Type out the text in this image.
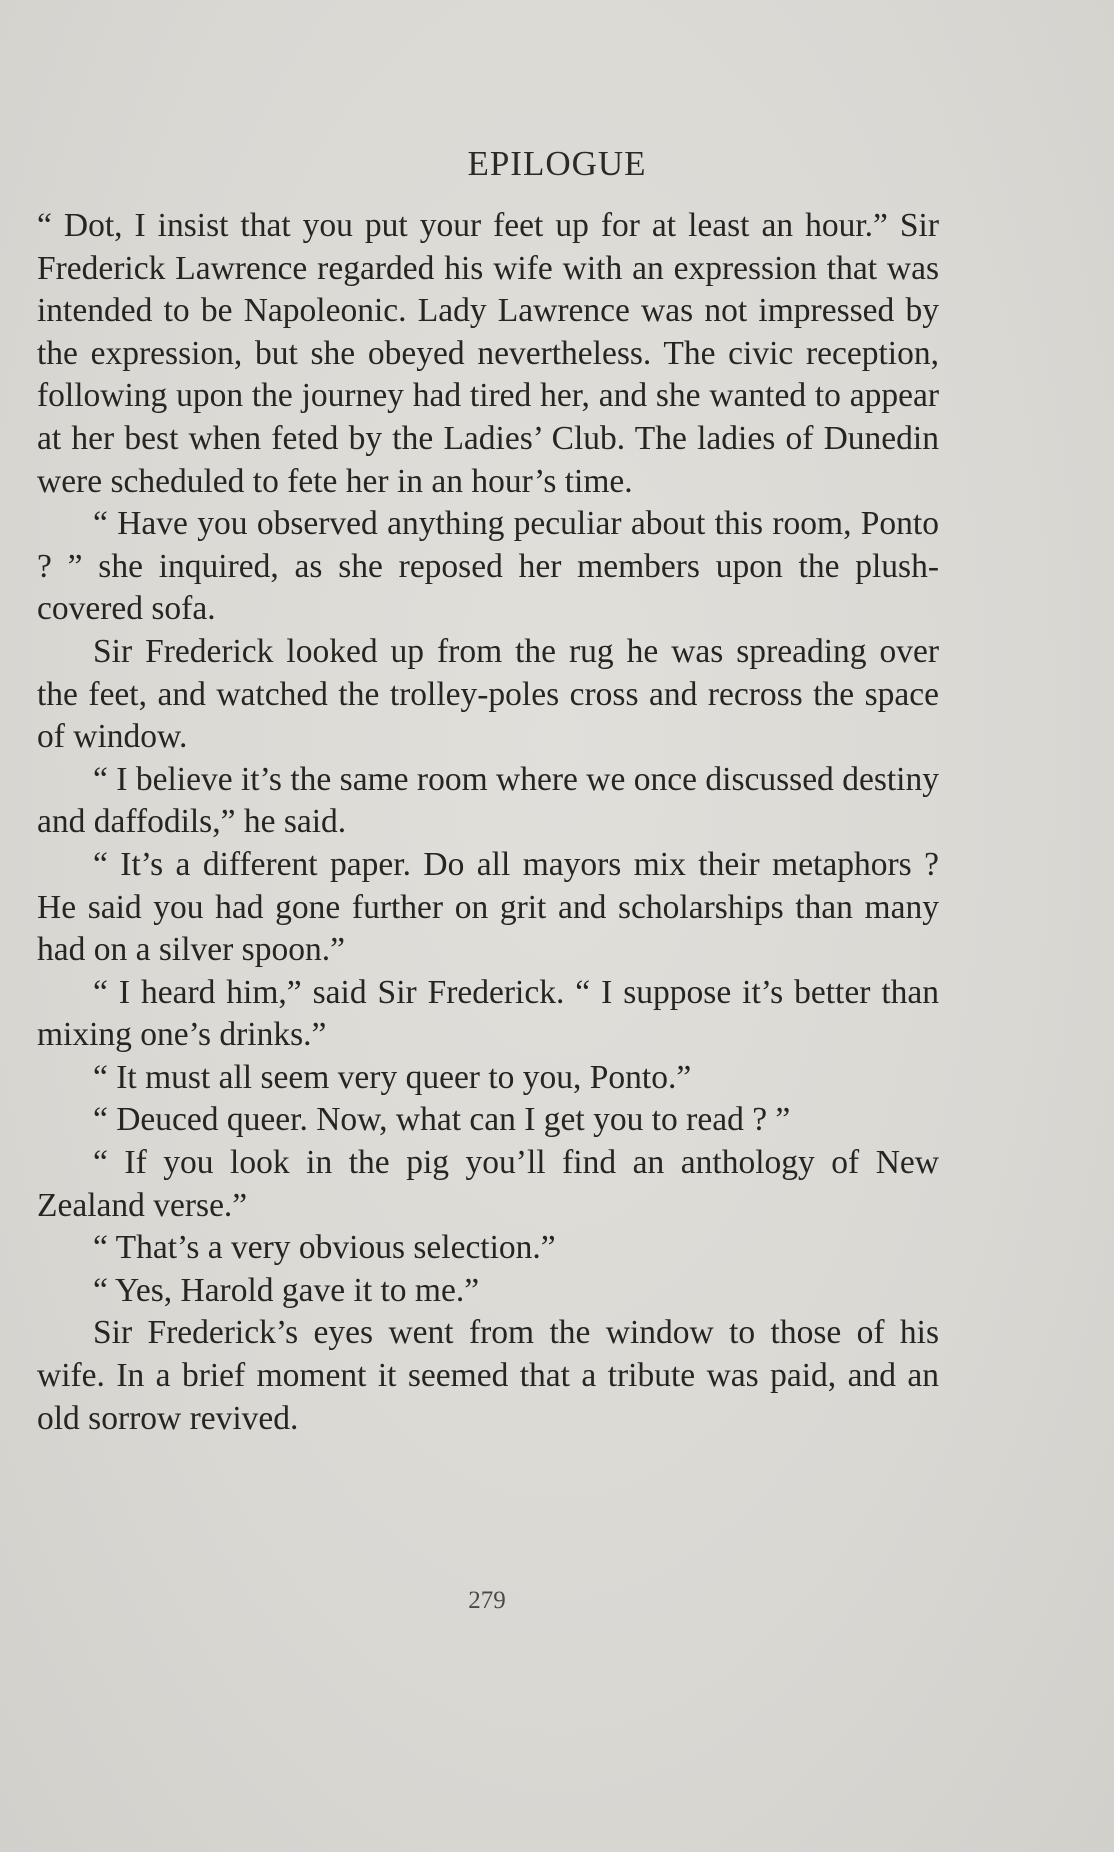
EPILOGUE

“ Dot, I insist that you put your feet up for at least an hour.” Sir Frederick Lawrence regarded his wife with an expression that was intended to be Napoleonic. Lady Lawrence was not impressed by the expression, but she obeyed nevertheless. The civic reception, following upon the journey had tired her, and she wanted to appear at her best when feted by the Ladies’ Club. The ladies of Dunedin were scheduled to fete her in an hour’s time.

“ Have you observed anything peculiar about this room, Ponto ? ” she inquired, as she reposed her members upon the plush-covered sofa.

Sir Frederick looked up from the rug he was spreading over the feet, and watched the trolley-poles cross and recross the space of window.

“ I believe it’s the same room where we once discussed destiny and daffodils,” he said.

“ It’s a different paper. Do all mayors mix their metaphors ? He said you had gone further on grit and scholarships than many had on a silver spoon.”

“ I heard him,” said Sir Frederick. “ I suppose it’s better than mixing one’s drinks.”

“ It must all seem very queer to you, Ponto.”

“ Deuced queer. Now, what can I get you to read ? ”

“ If you look in the pig you’ll find an anthology of New Zealand verse.”

“ That’s a very obvious selection.”

“ Yes, Harold gave it to me.”

Sir Frederick’s eyes went from the window to those of his wife. In a brief moment it seemed that a tribute was paid, and an old sorrow revived.

279
